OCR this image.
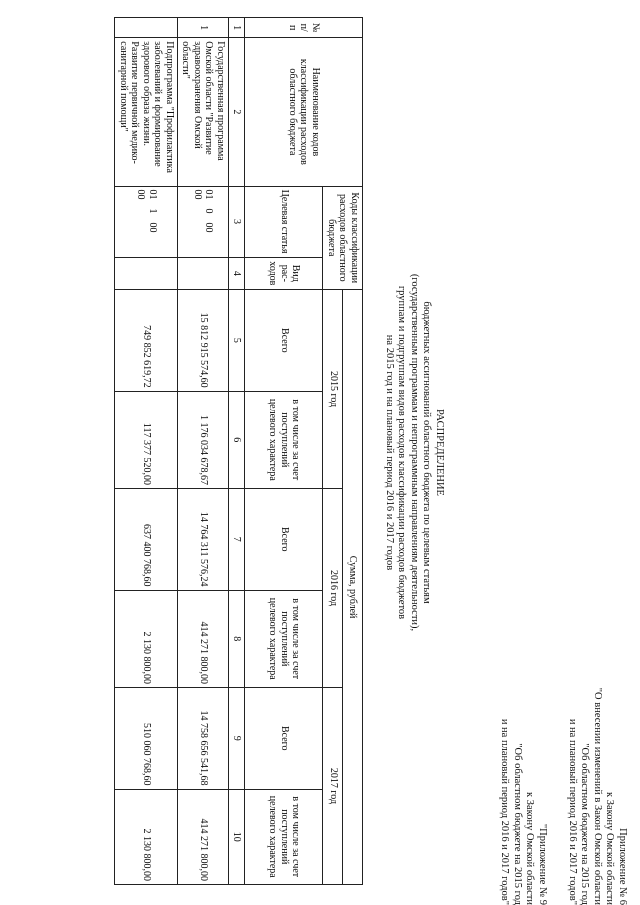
Приложение № 6
к Закону Омской области
"О внесении изменений в Закон Омской области
"Об областном бюджете на 2015 год
и на плановый период 2016 и 2017 годов"
"Приложение № 9
к Закону Омской области
"Об областном бюджете на 2015 год
и на плановый период 2016 и 2017 годов"
РАСПРЕДЕЛЕНИЕ
бюджетных ассигнований областного бюджета по целевым статьям
(государственным программам и непрограммным направлениям деятельности),
группам и подгруппам видов расходов классификации расходов бюджетов
на 2015 год и на плановый период 2016 и 2017 годов
№ п/п	Наименование кодов классификации расходов областного бюджета	Коды классификации расходов областного бюджета		Сумма, рублей					
				2015 год		2016 год		2017 год	
		Целевая статья	Вид рас-ходов	Всего	в том числе за счет поступлений целевого характера	Всего	в том числе за счет поступлений целевого характера	Всего	в том числе за счет поступлений целевого характера
1	2	3	4	5	6	7	8	9	10
1	Государственная программа Омской области "Развитие здравоохранения Омской области"	0100000		15 812 915 574,60	1 176 034 678,67	14 764 311 576,24	414 271 800,00	14 758 656 541,68	414 271 800,00
	Подпрограмма "Профилактика заболеваний и формирование здорового образа жизни. Развитие первичной медико-санитарной помощи"	0110000		749 852 619,72	117 377 520,00	637 400 768,60	2 130 800,00	510 060 768,60	2 130 800,00
